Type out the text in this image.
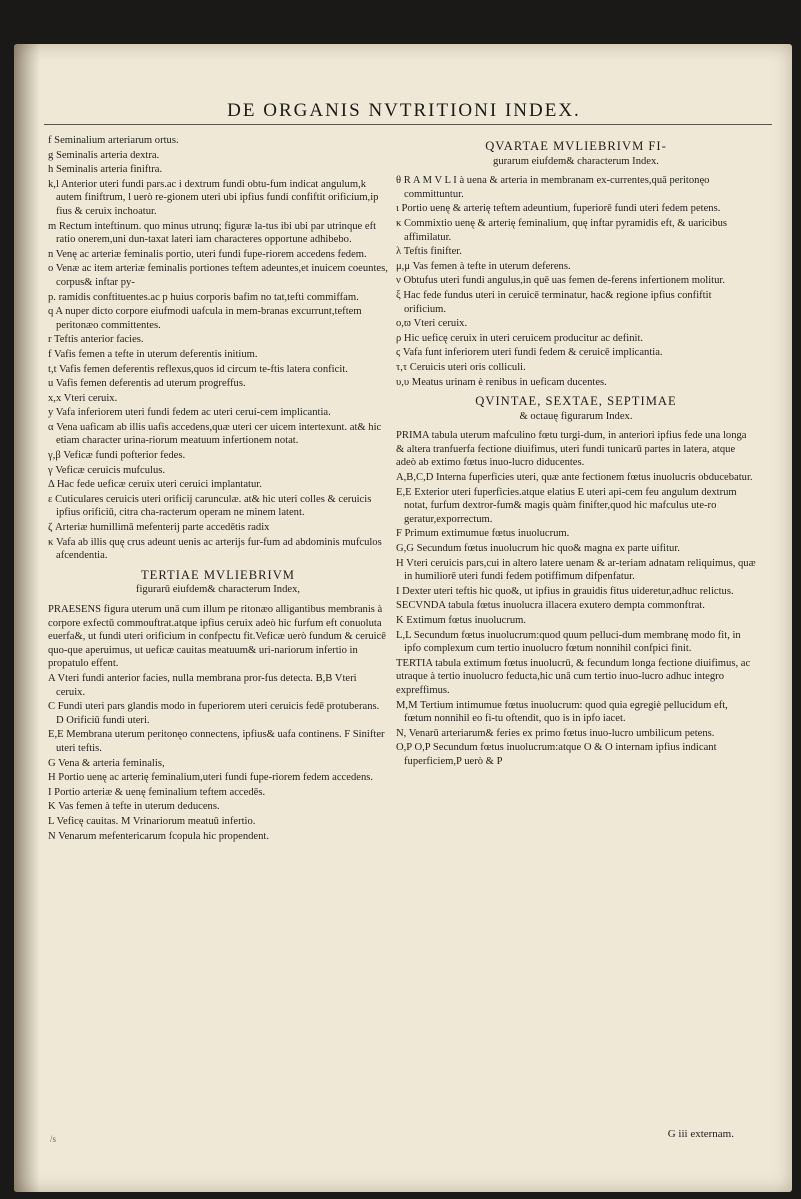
DE ORGANIS NVTRITIONI INDEX.

f Seminalium arteriarum ortus.

g Seminalis arteria dextra.

h Seminalis arteria finiftra.

k,l Anterior uteri fundi pars.ac i dextrum fundi obtu-fum indicat angulum,k autem finiftrum, l uerò re-gionem uteri ubi ipfius fundi confiftit orificium,ip fius & ceruix inchoatur.

m Rectum inteftinum. quo minus utrunq; figuræ la-tus ibi ubi par utrinque eft ratio onerem,uni dun-taxat lateri iam characteres opportune adhibebo.

n Venę ac arteriæ feminalis portio, uteri fundi fupe-riorem accedens fedem.

o Venæ ac item arteriæ feminalis portiones teftem adeuntes,et inuicem coeuntes, corpus& inftar py-

p. ramidis conftituentes.ac p huius corporis bafim no tat,tefti commiffam.

q A nuper dicto corpore eiufmodi uafcula in mem-branas excurrunt,teftem peritonæo committentes.

r Teftis anterior facies.

f Vafis femen a tefte in uterum deferentis initium.

t,t Vafis femen deferentis reflexus,quos id circum te-ftis latera conficit.

u Vafis femen deferentis ad uterum progreffus.

x,x Vteri ceruix.

y Vafa inferiorem uteri fundi fedem ac uteri ceruí-cem implicantia.

α Vena uaficam ab illis uafis accedens,quæ uteri cer uicem intertexunt. at& hic etiam character urina-riorum meatuum infertionem notat.

γ,β Veficæ fundi pofterior fedes.

γ Veficæ ceruicis mufculus.

Δ Hac fede ueficæ ceruix uteri ceruici implantatur.

ε Cuticulares ceruicis uteri orificij carunculæ. at& hic uteri colles & ceruicis ipfius orificiū, citra cha-racterum operam ne minem latent.

ζ Arteriæ humillimā mefenterij parte accedētis radix

κ Vafa ab illis quę crus adeunt uenis ac arterijs fur-fum ad abdominis mufculos afcendentia.

TERTIAE MVLIEBRIVM

figurarū eiufdem& characterum Index,

PRAESENS figura uterum unā cum illum pe ritonæo alligantibus membranis à corpore exfectū commouftrat.atque ipfius ceruix adeò hic furfum eft conuoluta euerfa&, ut fundi uteri orificium in confpectu fit.Veficæ uerò fundum & ceruicē quo-que aperuimus, ut ueficæ cauitas meatuum& uri-nariorum infertio in propatulo effent.

A Vteri fundi anterior facies, nulla membrana pror-fus detecta. B,B Vteri ceruix.

C Fundi uteri pars glandis modo in fuperiorem uteri ceruicis fedē protuberans. D Orificiū fundi uteri.

E,E Membrana uterum peritonęo connectens, ipfius& uafa continens. F Sinifter uteri teftis.

G Vena & arteria feminalis,

H Portio uenę ac arterię feminalium,uteri fundi fupe-riorem fedem accedens.

I Portio arteriæ & uenę feminalium teftem accedēs.

K Vas femen à tefte in uterum deducens.

L Veficę cauitas. M Vrinariorum meatuū infertio.

N Venarum mefentericarum fcopula hic propendent.

QVARTAE MVLIEBRIVM FI-

gurarum eiufdem& characterum Index.

θ R A M V L I à uena & arteria in membranam ex-currentes,quā peritonęo committuntur.

ι Portio uenę & arterię teftem adeuntium, fuperiorē fundi uteri fedem petens.

κ Commixtio uenę & arterię feminalium, quę inftar pyramidis eft, & uaricibus affimilatur.

λ Teftis finifter.

μ,μ Vas femen à tefte in uterum deferens.

ν Obtufus uteri fundi angulus,in quē uas femen de-ferens infertionem molitur.

ξ Hac fede fundus uteri in ceruicē terminatur, hac& regione ipfius confiftit orificium.

ο,ϖ Vteri ceruix.

ρ Hic ueficę ceruix in uteri ceruicem producitur ac definit.

ς Vafa funt inferiorem uteri fundi fedem & ceruicē implicantia.

τ,τ Ceruicis uteri oris colliculi.

υ,υ Meatus urinam è renibus in ueficam ducentes.

QVINTAE, SEXTAE, SEPTIMAE

& octauę figurarum Index.

PRIMA tabula uterum mafculino fœtu turgi-dum, in anteriori ipfius fede una longa & altera tranfuerfa fectione diuifimus, uteri fundi tunicarū partes in latera, atque adeò ab extimo fœtus inuo-lucro diducentes.

A,B,C,D Interna fuperficies uteri, quæ ante fectionem fœtus inuolucris obducebatur.

E,E Exterior uteri fuperficies.atque elatius E uteri api-cem feu angulum dextrum notat, furfum dextror-fum& magis quàm finifter,quod hic mafculus ute-ro geratur,exporrectum.

F Primum extimumue fœtus inuolucrum.

G,G Secundum fœtus inuolucrum hic quo& magna ex parte uifitur.

H Vteri ceruicis pars,cui in altero latere uenam & ar-teriam adnatam reliquimus, quæ in humiliorē uteri fundi fedem potiffimum difpenfatur.

I Dexter uteri teftis hic quo&, ut ipfius in grauidis fitus uideretur,adhuc relictus.

SECVNDA tabula fœtus inuolucra illacera exutero dempta commonftrat.

K Extimum fœtus inuolucrum.

L,L Secundum fœtus inuolucrum:quod quum pelluci-dum membranę modo fit, in ipfo complexum cum tertio inuolucro fœtum nonnihil confpici finit.

TERTIA tabula extimum fœtus inuolucrū, & fecundum longa fectione diuifimus, ac utraque à tertio inuolucro feducta,hic unā cum tertio inuo-lucro adhuc integro expreffimus.

M,M Tertium intimumue fœtus inuolucrum: quod quia egregiè pellucidum eft, fœtum nonnihil eo fi-tu oftendit, quo is in ipfo iacet.

N, Venarū arteriarum& feries ex primo fœtus inuo-lucro umbilicum petens.

O,P O,P Secundum fœtus inuolucrum:atque O & O internam ipfius indicant fuperficiem,P uerò & P

G iii externam.
/s
